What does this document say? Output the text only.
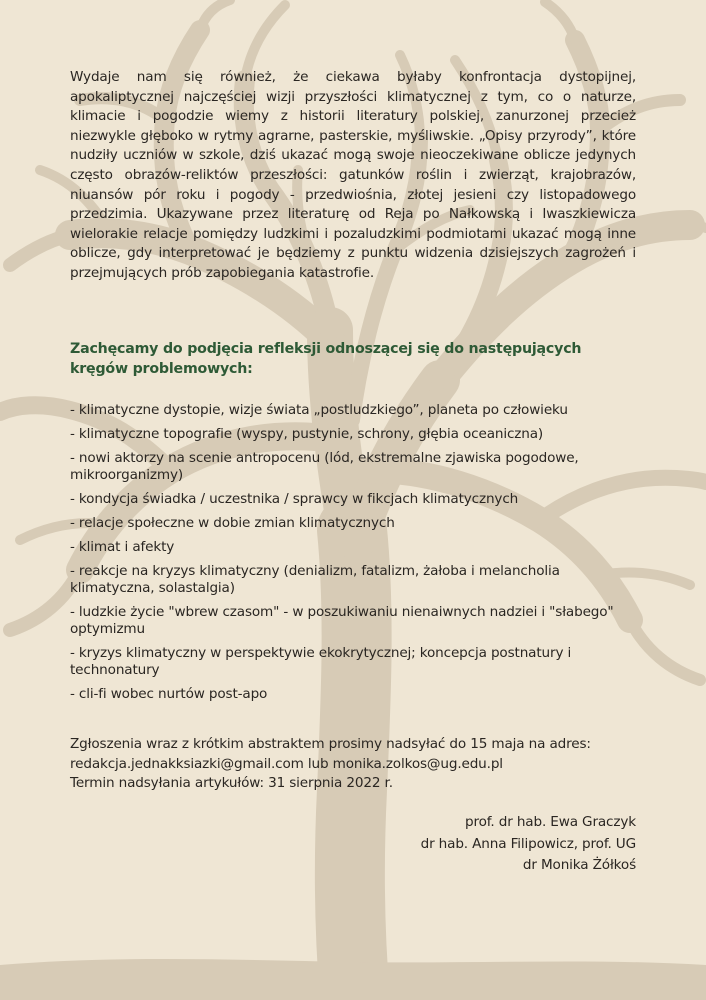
Wydaje nam się również, że ciekawa byłaby konfrontacja dystopijnej, apokaliptycznej najczęściej wizji przyszłości klimatycznej z tym, co o naturze, klimacie i pogodzie wiemy z historii literatury polskiej, zanurzonej przecież niezwykle głęboko w rytmy agrarne, pasterskie, myśliwskie. „Opisy przyrody”, które nudziły uczniów w szkole, dziś ukazać mogą swoje nieoczekiwane oblicze jedynych często obrazów-reliktów przeszłości: gatunków roślin i zwierząt, krajobrazów, niuansów pór roku i pogody - przedwiośnia, złotej jesieni czy listopadowego przedzimia. Ukazywane przez literaturę od Reja po Nałkowską i Iwaszkiewicza wielorakie relacje pomiędzy ludzkimi i pozaludzkimi podmiotami ukazać mogą inne oblicze, gdy interpretować je będziemy z punktu widzenia dzisiejszych zagrożeń i przejmujących prób zapobiegania katastrofie.

Zachęcamy do podjęcia refleksji odnoszącej się do następujących kręgów problemowych:
- klimatyczne dystopie, wizje świata „postludzkiego”, planeta po człowieku
- klimatyczne topografie (wyspy, pustynie, schrony, głębia oceaniczna)
- nowi aktorzy na scenie antropocenu (lód, ekstremalne zjawiska pogodowe, mikroorganizmy)
- kondycja świadka / uczestnika / sprawcy w fikcjach klimatycznych
- relacje społeczne w dobie zmian klimatycznych
- klimat i afekty
- reakcje na kryzys klimatyczny (denializm, fatalizm, żałoba i melancholia klimatyczna, solastalgia)
- ludzkie życie "wbrew czasom" - w poszukiwaniu nienaiwnych nadziei i "słabego" optymizmu
- kryzys klimatyczny w perspektywie ekokrytycznej; koncepcja postnatury i technonatury
- cli-fi wobec nurtów post-apo
Zgłoszenia wraz z krótkim abstraktem prosimy nadsyłać do 15 maja na adres:
redakcja.jednakksiazki@gmail.com lub monika.zolkos@ug.edu.pl
Termin nadsyłania artykułów: 31 sierpnia 2022 r.
prof. dr hab. Ewa Graczyk
dr hab. Anna Filipowicz, prof. UG
dr Monika Żółkoś
